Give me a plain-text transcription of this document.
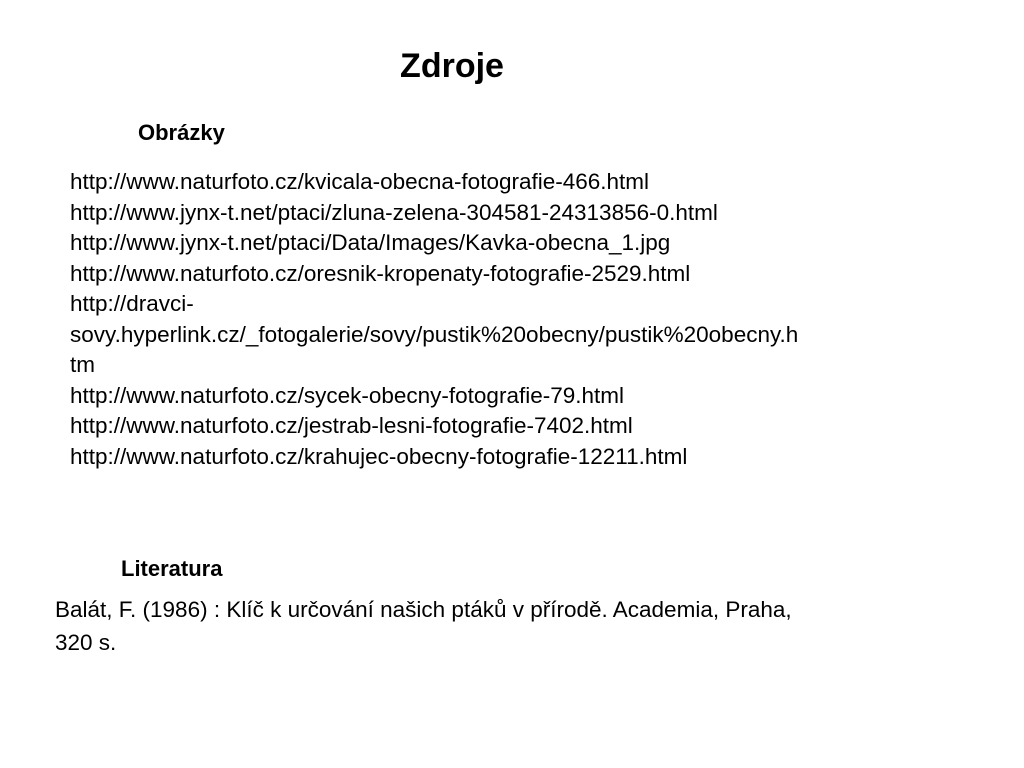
Zdroje
Obrázky
http://www.naturfoto.cz/kvicala-obecna-fotografie-466.html
http://www.jynx-t.net/ptaci/zluna-zelena-304581-24313856-0.html
http://www.jynx-t.net/ptaci/Data/Images/Kavka-obecna_1.jpg
http://www.naturfoto.cz/oresnik-kropenaty-fotografie-2529.html
http://dravci-
sovy.hyperlink.cz/_fotogalerie/sovy/pustik%20obecny/pustik%20obecny.h
tm
http://www.naturfoto.cz/sycek-obecny-fotografie-79.html
http://www.naturfoto.cz/jestrab-lesni-fotografie-7402.html
http://www.naturfoto.cz/krahujec-obecny-fotografie-12211.html
Literatura

Balát, F. (1986) : Klíč k určování našich ptáků v přírodě. Academia, Praha,
320 s.
